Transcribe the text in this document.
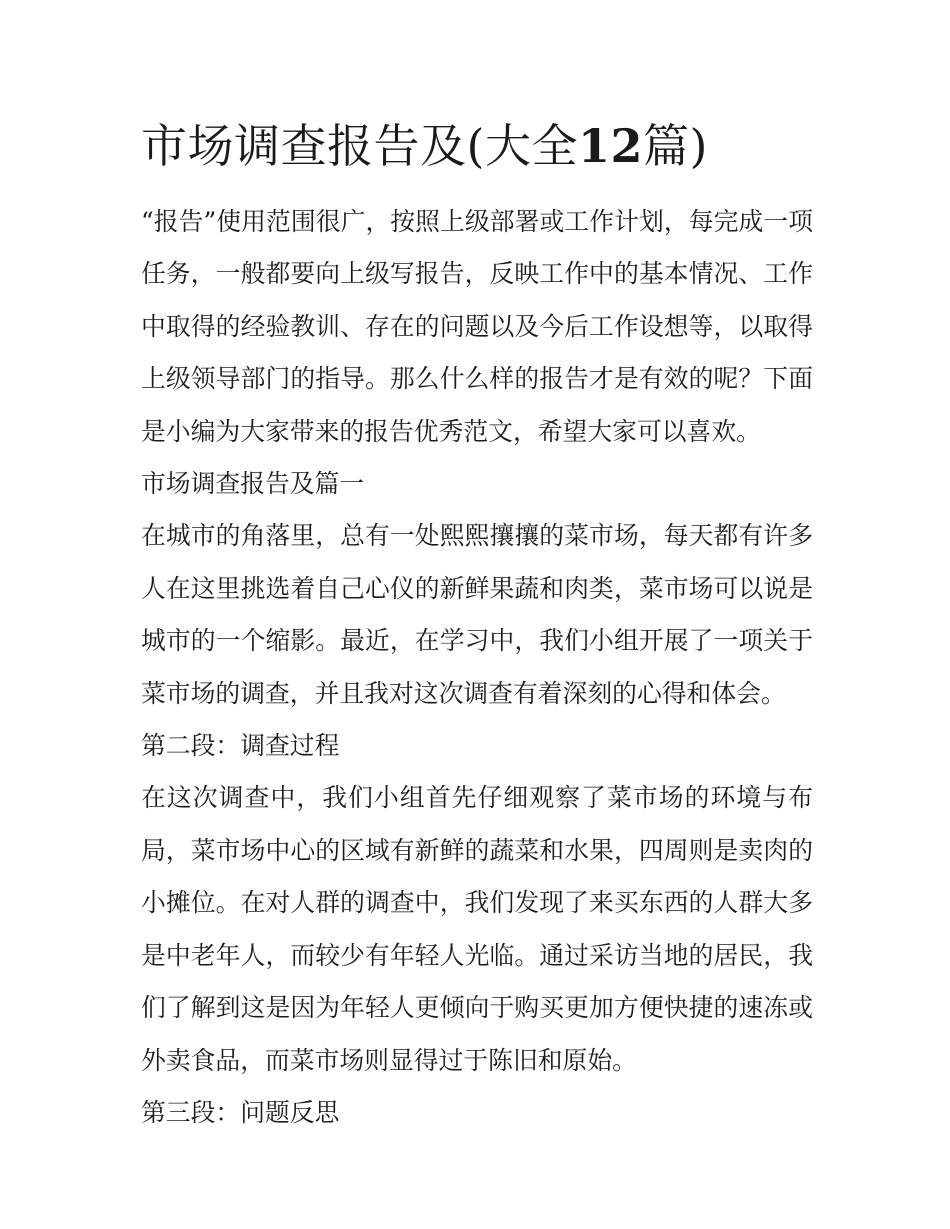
市场调查报告及(大全12篇)

“报告”使用范围很广，按照上级部署或工作计划，每完成一项任务，一般都要向上级写报告，反映工作中的基本情况、工作中取得的经验教训、存在的问题以及今后工作设想等，以取得上级领导部门的指导。那么什么样的报告才是有效的呢？下面是小编为大家带来的报告优秀范文，希望大家可以喜欢。

市场调查报告及篇一

在城市的角落里，总有一处熙熙攘攘的菜市场，每天都有许多人在这里挑选着自己心仪的新鲜果蔬和肉类，菜市场可以说是城市的一个缩影。最近，在学习中，我们小组开展了一项关于菜市场的调查，并且我对这次调查有着深刻的心得和体会。

第二段：调查过程

在这次调查中，我们小组首先仔细观察了菜市场的环境与布局，菜市场中心的区域有新鲜的蔬菜和水果，四周则是卖肉的小摊位。在对人群的调查中，我们发现了来买东西的人群大多是中老年人，而较少有年轻人光临。通过采访当地的居民，我们了解到这是因为年轻人更倾向于购买更加方便快捷的速冻或外卖食品，而菜市场则显得过于陈旧和原始。

第三段：问题反思
